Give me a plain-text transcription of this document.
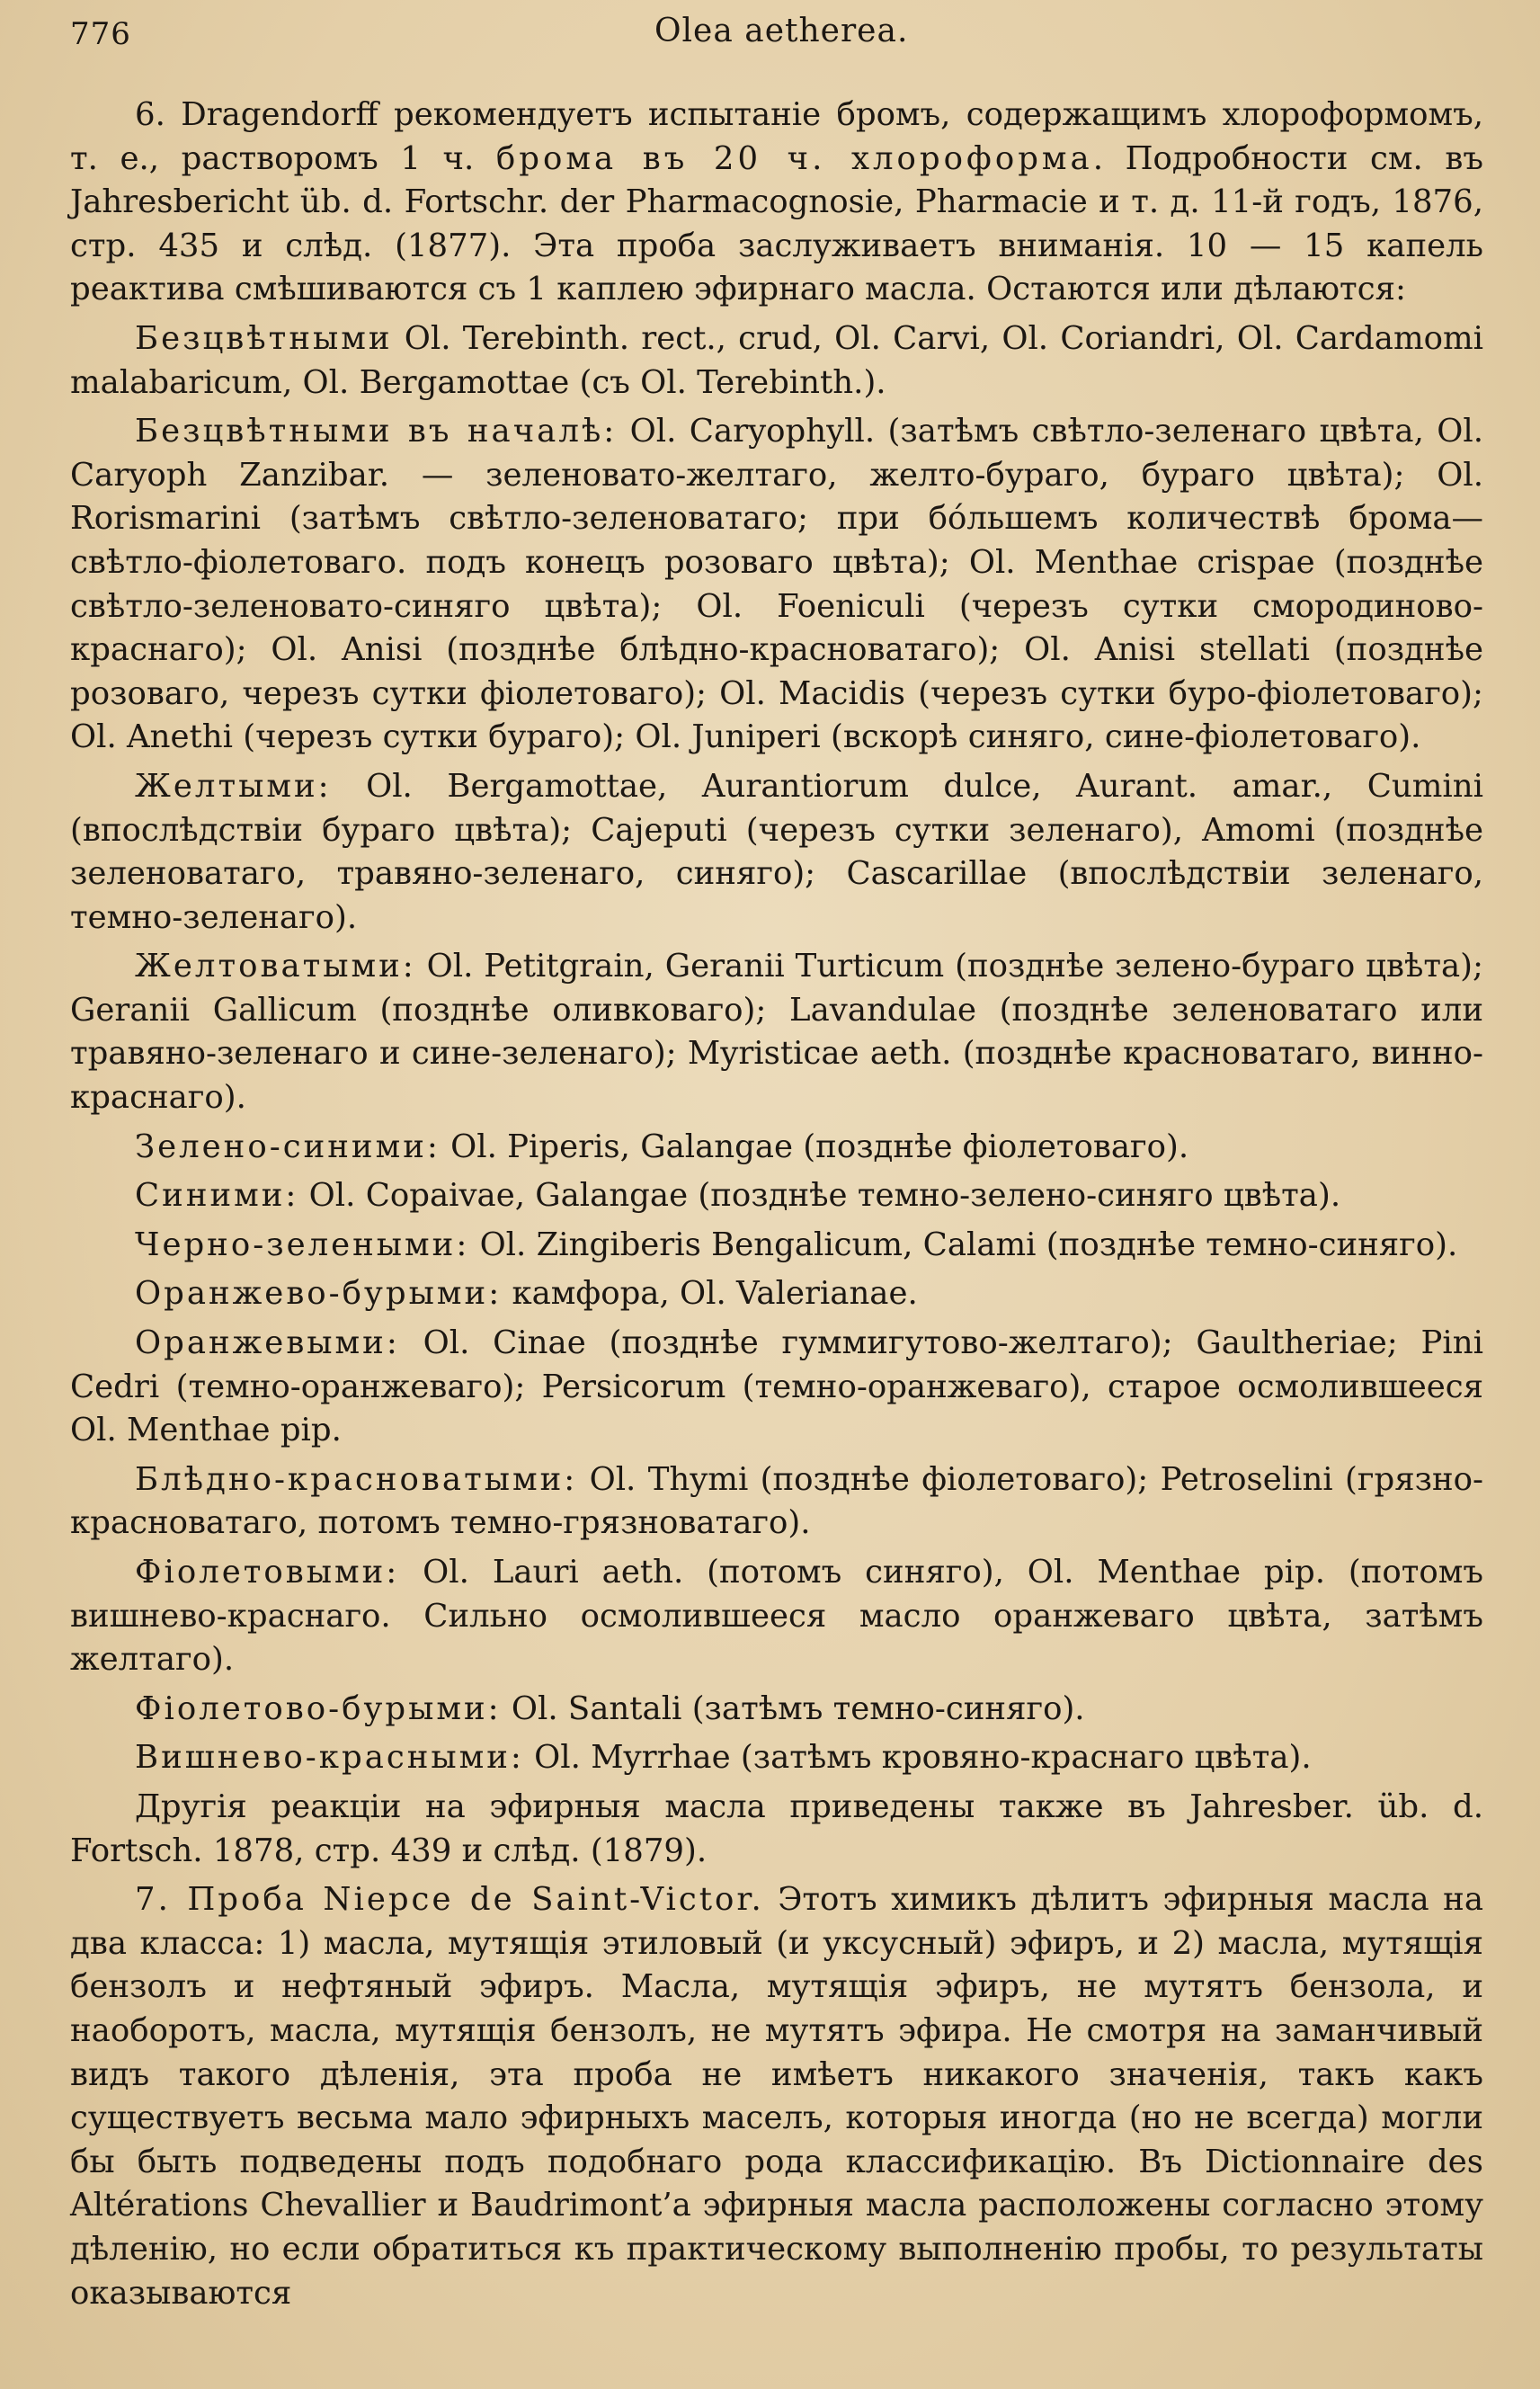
776	Olea aetherea.

6. Dragendorff рекомендуетъ испытаніе бромъ, содержащимъ хлороформомъ, т. е., растворомъ 1 ч. брома въ 20 ч. хлороформа. Подробности см. въ Jahresbericht üb. d. Fortschr. der Pharmacognosie, Pharmacie и т. д. 11-й годъ, 1876, стр. 435 и слѣд. (1877). Эта проба заслуживаетъ вниманія. 10 — 15 капель реактива смѣшиваются съ 1 каплею эфирнаго масла. Остаются или дѣлаются:

Безцвѣтными Ol. Terebinth. rect., crud, Ol. Carvi, Ol. Coriandri, Ol. Cardamomi malabaricum, Ol. Bergamottae (съ Ol. Terebinth.).

Безцвѣтными въ началѣ: Ol. Caryophyll. (затѣмъ свѣтло-зеленаго цвѣта, Ol. Caryoph Zanzibar. — зеленовато-желтаго, желто-бураго, бураго цвѣта); Ol. Rorismarini (затѣмъ свѣтло-зеленоватаго; при бо́льшемъ количествѣ брома—свѣтло-фіолетоваго. подъ конецъ розоваго цвѣта); Ol. Menthae crispae (позднѣе свѣтло-зеленовато-синяго цвѣта); Ol. Foeniculi (черезъ сутки смородиново-краснаго); Ol. Anisi (позднѣе блѣдно-красноватаго); Ol. Anisi stellati (позднѣе розоваго, черезъ сутки фіолетоваго); Ol. Macidis (черезъ сутки буро-фіолетоваго); Ol. Anethi (черезъ сутки бураго); Ol. Juniperi (вскорѣ синяго, сине-фіолетоваго).

Желтыми: Ol. Bergamottae, Aurantiorum dulce, Aurant. amar., Cumini (впослѣдствіи бураго цвѣта); Cajeputi (черезъ сутки зеленаго), Amomi (позднѣе зеленоватаго, травяно-зеленаго, синяго); Cascarillae (впослѣдствіи зеленаго, темно-зеленаго).

Желтоватыми: Ol. Petitgrain, Geranii Turticum (позднѣе зелено-бураго цвѣта); Geranii Gallicum (позднѣе оливковаго); Lavandulae (позднѣе зеленоватаго или травяно-зеленаго и сине-зеленаго); Myristicae aeth. (позднѣе красноватаго, винно-краснаго).

Зелено-синими: Ol. Piperis, Galangae (позднѣе фіолетоваго).

Синими: Ol. Copaivae, Galangae (позднѣе темно-зелено-синяго цвѣта).

Черно-зелеными: Ol. Zingiberis Bengalicum, Calami (позднѣе темно-синяго).

Оранжево-бурыми: камфора, Ol. Valerianae.

Оранжевыми: Ol. Cinae (позднѣе гуммигутово-желтаго); Gaultheriae; Pini Cedri (темно-оранжеваго); Persicorum (темно-оранжеваго), старое осмолившееся Ol. Menthae pip.

Блѣдно-красноватыми: Ol. Thymi (позднѣе фіолетоваго); Petroselini (грязно-красноватаго, потомъ темно-грязноватаго).

Фіолетовыми: Ol. Lauri aeth. (потомъ синяго), Ol. Menthae pip. (потомъ вишнево-краснаго. Сильно осмолившееся масло оранжеваго цвѣта, затѣмъ желтаго).

Фіолетово-бурыми: Ol. Santali (затѣмъ темно-синяго).

Вишнево-красными: Ol. Myrrhae (затѣмъ кровяно-краснаго цвѣта).

Другія реакціи на эфирныя масла приведены также въ Jahresber. üb. d. Fortsch. 1878, стр. 439 и слѣд. (1879).

7. Проба Niepce de Saint-Victor. Этотъ химикъ дѣлитъ эфирныя масла на два класса: 1) масла, мутящія этиловый (и уксусный) эфиръ, и 2) масла, мутящія бензолъ и нефтяный эфиръ. Масла, мутящія эфиръ, не мутятъ бензола, и наоборотъ, масла, мутящія бензолъ, не мутятъ эфира. Не смотря на заманчивый видъ такого дѣленія, эта проба не имѣетъ никакого значенія, такъ какъ существуетъ весьма мало эфирныхъ маселъ, которыя иногда (но не всегда) могли бы быть подведены подъ подобнаго рода классификацію. Въ Dictionnaire des Altérations Chevallier и Baudrimont’a эфирныя масла расположены согласно этому дѣленію, но если обратиться къ практическому выполненію пробы, то результаты оказываются
